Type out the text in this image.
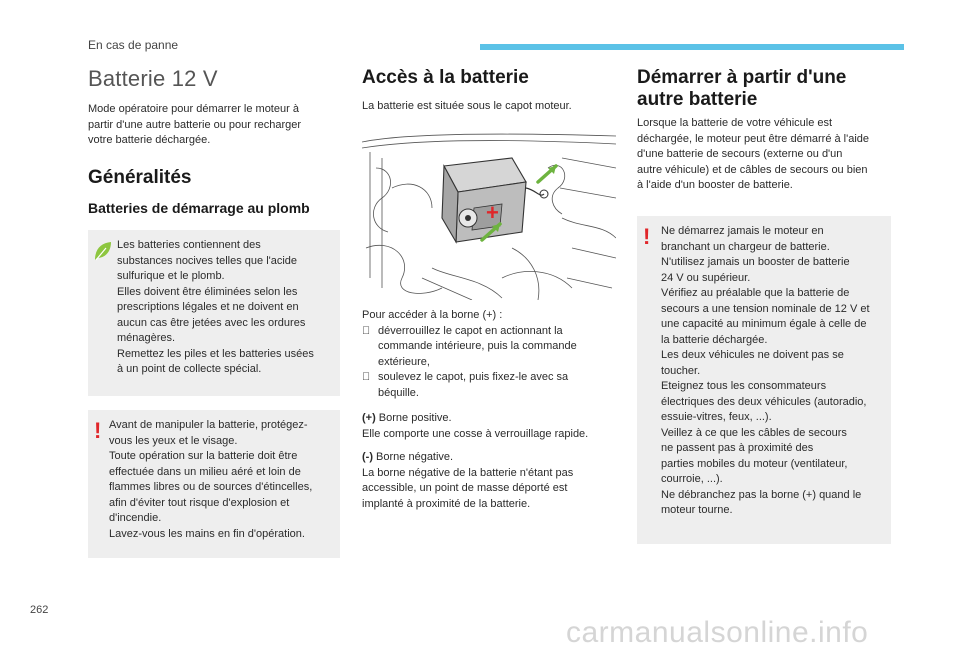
En cas de panne
Batterie 12 V
Mode opératoire pour démarrer le moteur à
partir d'une autre batterie ou pour recharger
votre batterie déchargée.
Généralités
Batteries de démarrage au plomb
Les batteries contiennent des
substances nocives telles que l'acide
sulfurique et le plomb.
Elles doivent être éliminées selon les
prescriptions légales et ne doivent en
aucun cas être jetées avec les ordures
ménagères.
Remettez les piles et les batteries usées
à un point de collecte spécial.
! Avant de manipuler la batterie, protégez-
vous les yeux et le visage.
Toute opération sur la batterie doit être
effectuée dans un milieu aéré et loin de
flammes libres ou de sources d'étincelles,
afin d'éviter tout risque d'explosion et
d'incendie.
Lavez-vous les mains en fin d'opération.
Accès à la batterie
La batterie est située sous le capot moteur.
+
Pour accéder à la borne (+) :
déverrouillez le capot en actionnant la
commande intérieure, puis la commande
extérieure,
soulevez le capot, puis fixez-le avec sa
béquille.
(+) Borne positive.
Elle comporte une cosse à verrouillage rapide.
(-) Borne négative.
La borne négative de la batterie n'étant pas
accessible, un point de masse déporté est
implanté à proximité de la batterie.
Démarrer à partir d'une
autre batterie
Lorsque la batterie de votre véhicule est
déchargée, le moteur peut être démarré à l'aide
d'une batterie de secours (externe ou d'un
autre véhicule) et de câbles de secours ou bien
à l'aide d'un booster de batterie.
! Ne démarrez jamais le moteur en
branchant un chargeur de batterie.
N'utilisez jamais un booster de batterie
24 V ou supérieur.
Vérifiez au préalable que la batterie de
secours a une tension nominale de 12 V et
une capacité au minimum égale à celle de
la batterie déchargée.
Les deux véhicules ne doivent pas se
toucher.
Eteignez tous les consommateurs
électriques des deux véhicules (autoradio,
essuie-vitres, feux, ...).
Veillez à ce que les câbles de secours
ne passent pas à proximité des
parties mobiles du moteur (ventilateur,
courroie, ...).
Ne débranchez pas la borne (+) quand le
moteur tourne.
262
carmanualsonline.info
